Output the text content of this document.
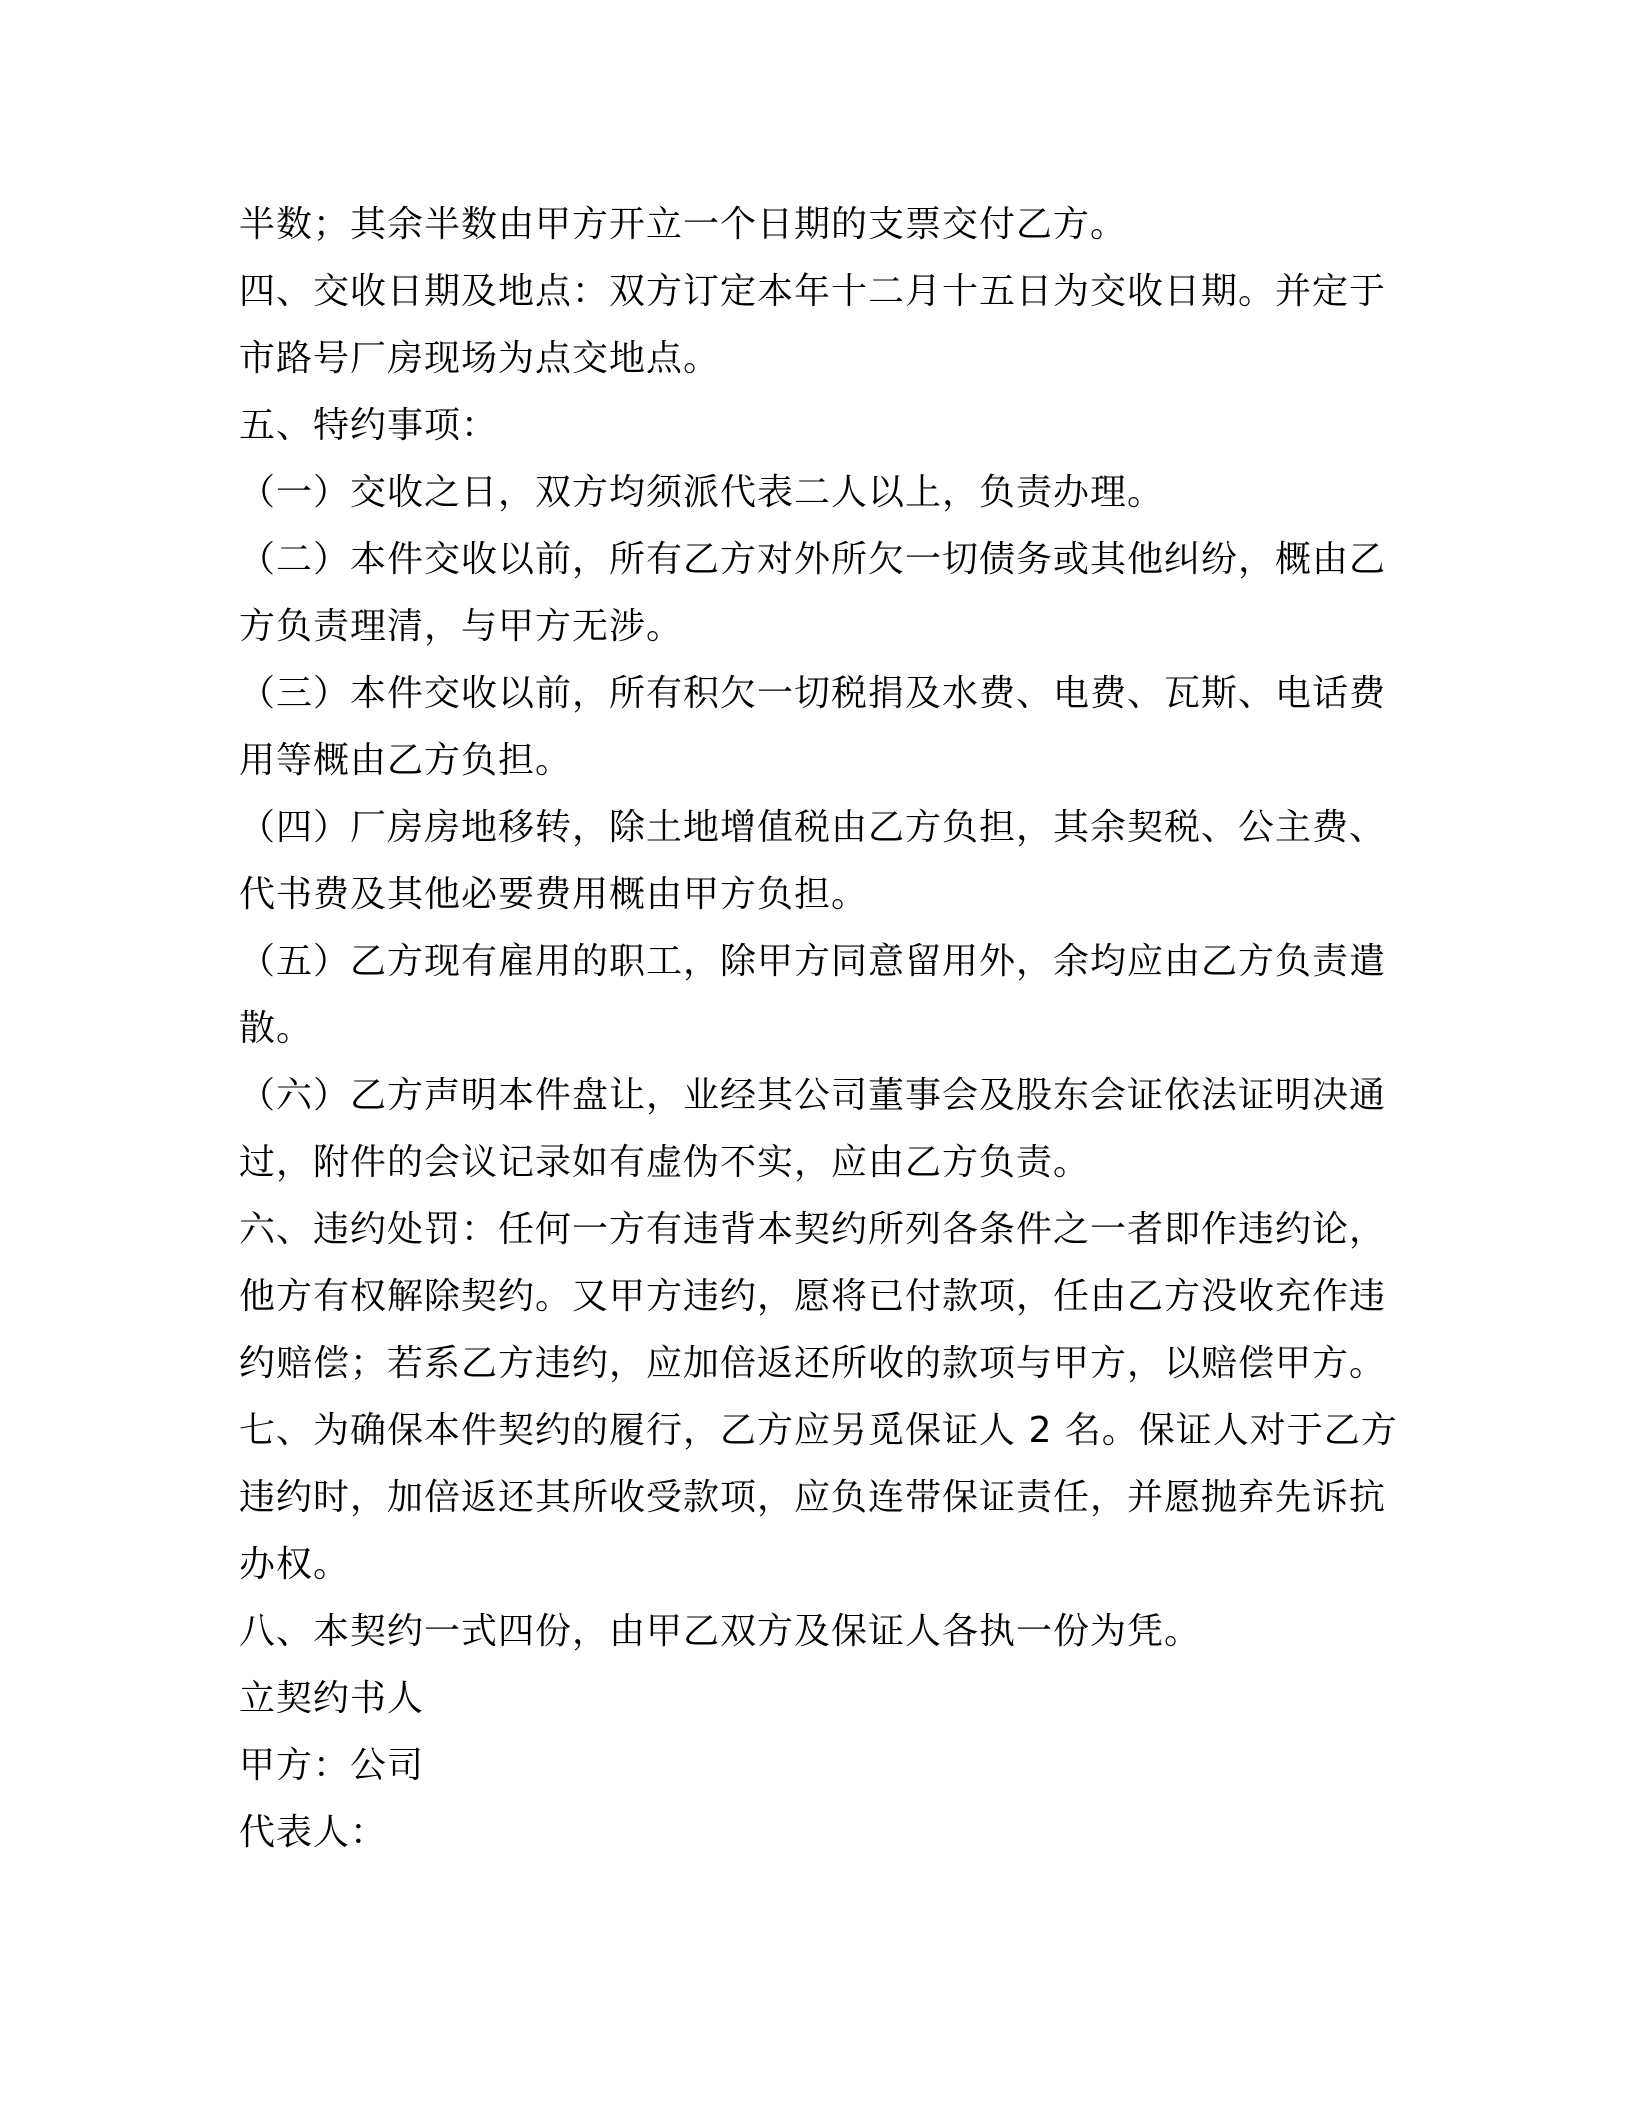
半数；其余半数由甲方开立一个日期的支票交付乙方。
四、交收日期及地点：双方订定本年十二月十五日为交收日期。并定于
市路号厂房现场为点交地点。
五、特约事项：
（一）交收之日，双方均须派代表二人以上，负责办理。
（二）本件交收以前，所有乙方对外所欠一切债务或其他纠纷，概由乙
方负责理清，与甲方无涉。
（三）本件交收以前，所有积欠一切税捐及水费、电费、瓦斯、电话费
用等概由乙方负担。
（四）厂房房地移转，除土地增值税由乙方负担，其余契税、公主费、
代书费及其他必要费用概由甲方负担。
（五）乙方现有雇用的职工，除甲方同意留用外，余均应由乙方负责遣
散。
（六）乙方声明本件盘让，业经其公司董事会及股东会证依法证明决通
过，附件的会议记录如有虚伪不实，应由乙方负责。
六、违约处罚：任何一方有违背本契约所列各条件之一者即作违约论，
他方有权解除契约。又甲方违约，愿将已付款项，任由乙方没收充作违
约赔偿；若系乙方违约，应加倍返还所收的款项与甲方，以赔偿甲方。
七、为确保本件契约的履行，乙方应另觅保证人 2 名。保证人对于乙方
违约时，加倍返还其所收受款项，应负连带保证责任，并愿抛弃先诉抗
办权。
八、本契约一式四份，由甲乙双方及保证人各执一份为凭。
立契约书人
甲方：公司
代表人：
